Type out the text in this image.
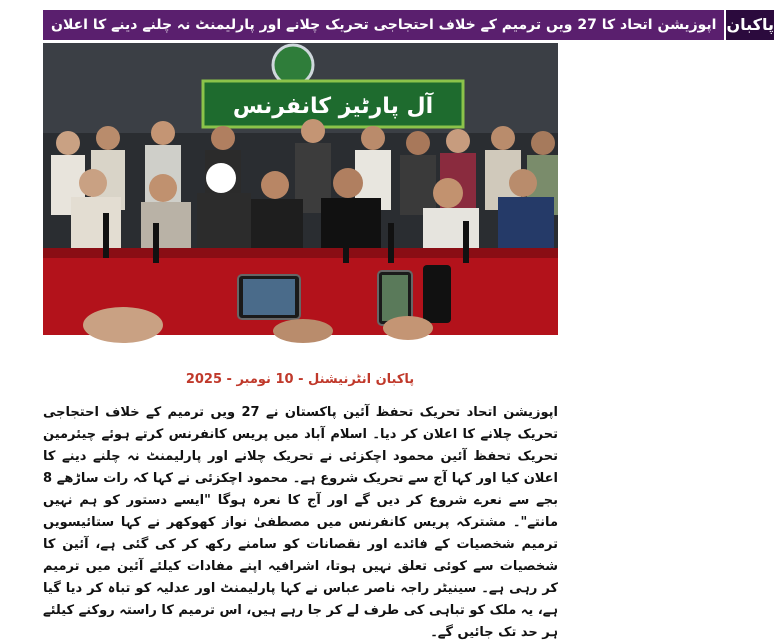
اپوزیشن اتحاد کا 27 ویں ترمیم کے خلاف احتجاجی تحریک چلانے اور پارلیمنٹ نہ چلنے دینے کا اعلان پاکبان
آل پارٹیز کانفرنس
پاکبان انٹرنیشنل - 10 نومبر - 2025
اپوزیشن اتحاد تحریک تحفظ آئین پاکستان نے 27 ویں ترمیم کے خلاف احتجاجی تحریک چلانے کا اعلان کر دیا۔ اسلام آباد میں پریس کانفرنس کرتے ہوئے چیئرمین تحریک تحفظ آئین محمود اچکزئی نے تحریک چلانے اور پارلیمنٹ نہ چلنے دینے کا اعلان کیا اور کہا آج سے تحریک شروع ہے۔ محمود اچکزئی نے کہا کہ رات ساڑھے 8 بجے سے نعرے شروع کر دیں گے اور آج کا نعرہ ہوگا "ایسے دستور کو ہم نہیں مانتے"۔ مشترکہ پریس کانفرنس میں مصطفیٰ نواز کھوکھر نے کہا ستائیسویں ترمیم شخصیات کے فائدے اور نقصانات کو سامنے رکھ کر کی گئی ہے، آئین کا شخصیات سے کوئی تعلق نہیں ہوتا، اشرافیہ اپنے مفادات کیلئے آئین میں ترمیم کر رہی ہے۔ سینیٹر راجہ ناصر عباس نے کہا پارلیمنٹ اور عدلیہ کو تباہ کر دیا گیا ہے، یہ ملک کو تباہی کی طرف لے کر جا رہے ہیں، اس ترمیم کا راستہ روکنے کیلئے ہر حد تک جائیں گے۔
